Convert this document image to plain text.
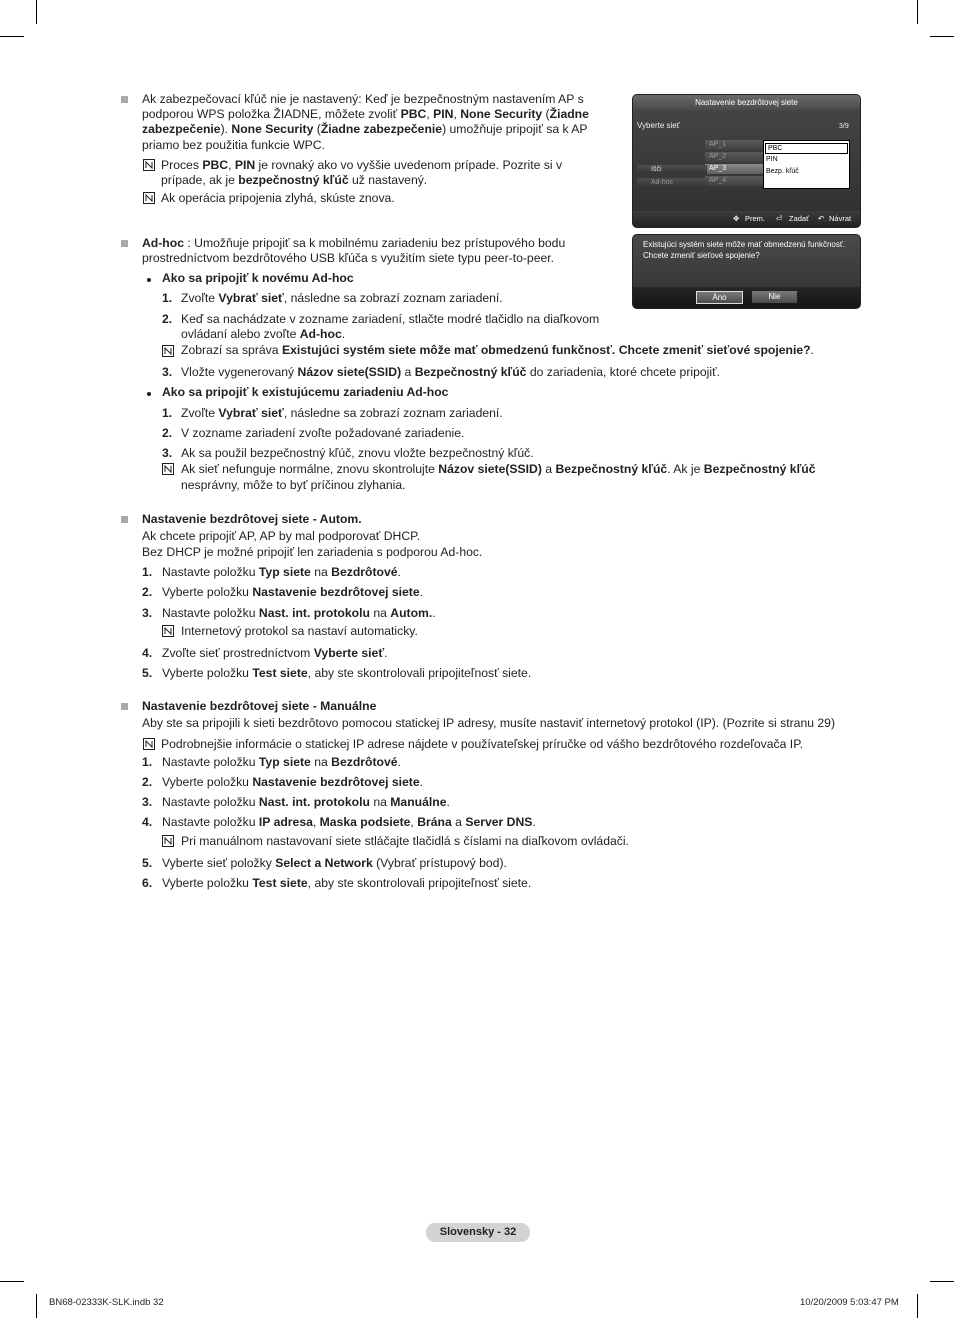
Ak zabezpečovací kľúč nie je nastavený: Keď je bezpečnostným nastavením AP s
podporou WPS položka ŽIADNE, môžete zvoliť PBC, PIN, None Security (Žiadne
zabezpečenie). None Security (Žiadne zabezpečenie) umožňuje pripojiť sa k AP
priamo bez použitia funkcie WPC.
Proces PBC, PIN je rovnaký ako vo vyššie uvedenom prípade. Pozrite si v
prípade, ak je bezpečnostný kľúč už nastavený.
Ak operácia pripojenia zlyhá, skúste znova.
Nastavenie bezdrôtovej siete
Vyberte sieť	3/9
AP_1
AP_2
AP_3
AP_4
Išči
Ad-hoc
PBC
PIN
Bezp. kľúč
✥ Prem. ⏎ Zadať ↶ Návrat
Existujúci systém siete môže mať obmedzenú funkčnosť. Chcete zmeniť sieťové spojenie?
Áno	Nie
Ad-hoc : Umožňuje pripojiť sa k mobilnému zariadeniu bez prístupového bodu
prostredníctvom bezdrôtového USB kľúča s využitím siete typu peer-to-peer.
Ako sa pripojiť k novému Ad-hoc
1. Zvoľte Vybrať sieť, následne sa zobrazí zoznam zariadení.
2. Keď sa nachádzate v zozname zariadení, stlačte modré tlačidlo na diaľkovom
ovládaní alebo zvoľte Ad-hoc.
Zobrazí sa správa Existujúci systém siete môže mať obmedzenú funkčnosť. Chcete zmeniť sieťové spojenie?.
3. Vložte vygenerovaný Názov siete(SSID) a Bezpečnostný kľúč do zariadenia, ktoré chcete pripojiť.
Ako sa pripojiť k existujúcemu zariadeniu Ad-hoc
1. Zvoľte Vybrať sieť, následne sa zobrazí zoznam zariadení.
2. V zozname zariadení zvoľte požadované zariadenie.
3. Ak sa použil bezpečnostný kľúč, znovu vložte bezpečnostný kľúč.
Ak sieť nefunguje normálne, znovu skontrolujte Názov siete(SSID) a Bezpečnostný kľúč. Ak je Bezpečnostný kľúč
nesprávny, môže to byť príčinou zlyhania.
Nastavenie bezdrôtovej siete - Autom.
Ak chcete pripojiť AP, AP by mal podporovať DHCP.
Bez DHCP je možné pripojiť len zariadenia s podporou Ad-hoc.
1. Nastavte položku Typ siete na Bezdrôtové.
2. Vyberte položku Nastavenie bezdrôtovej siete.
3. Nastavte položku Nast. int. protokolu na Autom..
Internetový protokol sa nastaví automaticky.
4. Zvoľte sieť prostredníctvom Vyberte sieť.
5. Vyberte položku Test siete, aby ste skontrolovali pripojiteľnosť siete.
Nastavenie bezdrôtovej siete - Manuálne
Aby ste sa pripojili k sieti bezdrôtovo pomocou statickej IP adresy, musíte nastaviť internetový protokol (IP). (Pozrite si stranu 29)
Podrobnejšie informácie o statickej IP adrese nájdete v používateľskej príručke od vášho bezdrôtového rozdeľovača IP.
1. Nastavte položku Typ siete na Bezdrôtové.
2. Vyberte položku Nastavenie bezdrôtovej siete.
3. Nastavte položku Nast. int. protokolu na Manuálne.
4. Nastavte položku IP adresa, Maska podsiete, Brána a Server DNS.
Pri manuálnom nastavovaní siete stláčajte tlačidlá s číslami na diaľkovom ovládači.
5. Vyberte sieť položky Select a Network (Vybrať prístupový bod).
6. Vyberte položku Test siete, aby ste skontrolovali pripojiteľnosť siete.
Slovensky - 32
BN68-02333K-SLK.indb 32	10/20/2009 5:03:47 PM
